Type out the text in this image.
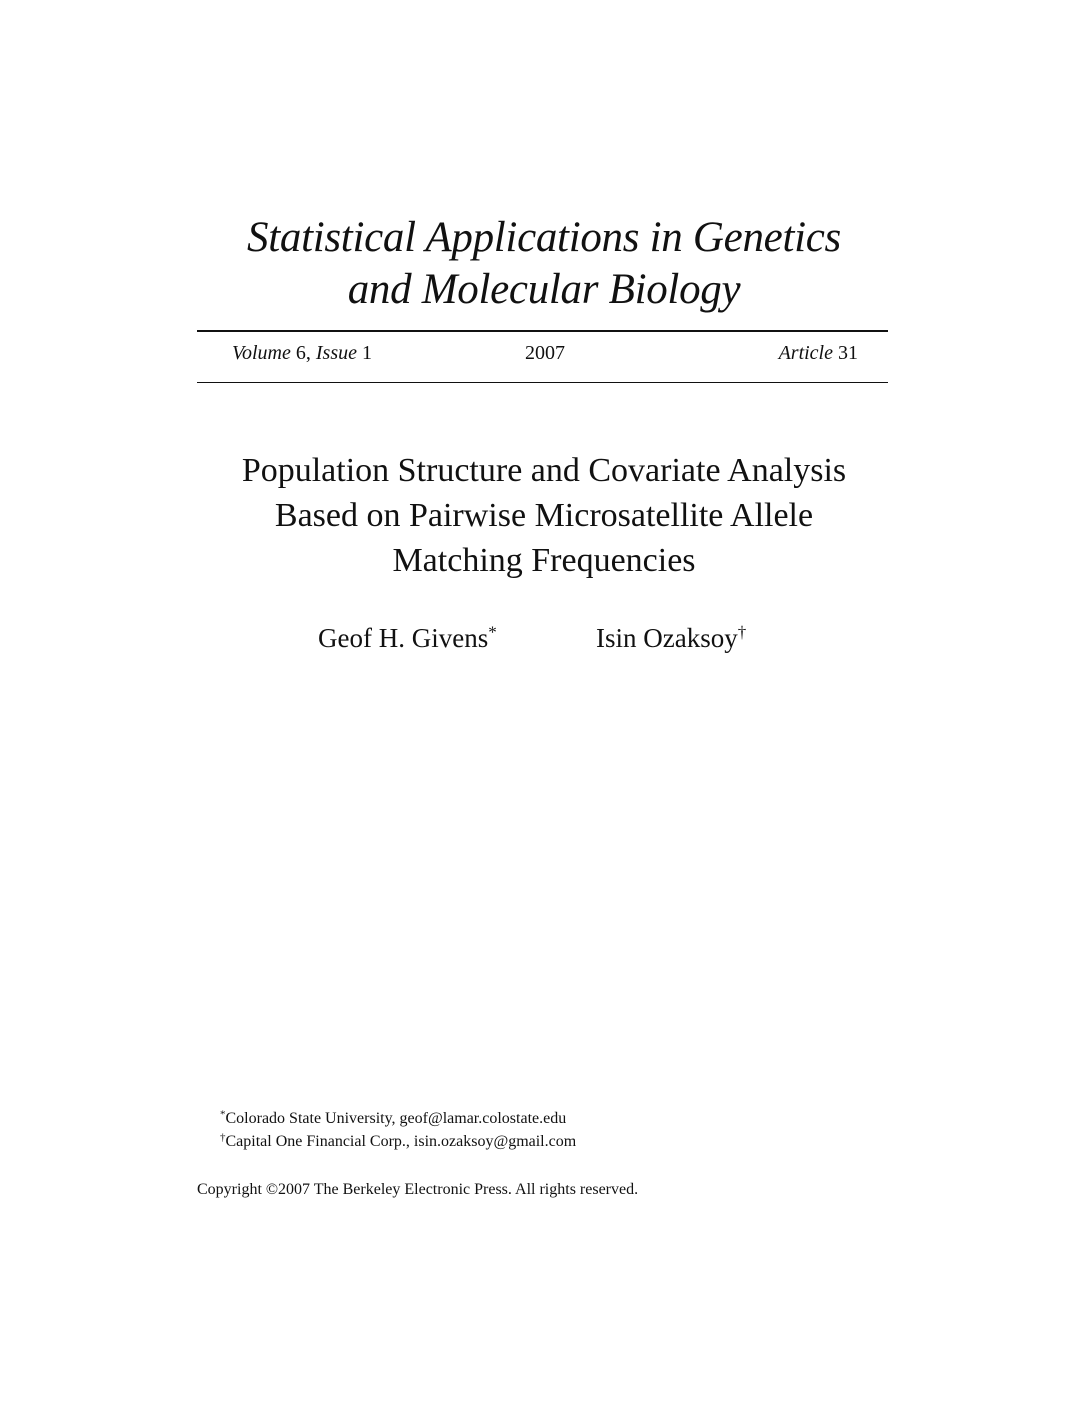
Statistical Applications in Genetics
and Molecular Biology
Volume 6, Issue 1	2007	Article 31
Population Structure and Covariate Analysis
Based on Pairwise Microsatellite Allele
Matching Frequencies
Geof H. Givens*	Isin Ozaksoy†
*Colorado State University, geof@lamar.colostate.edu
†Capital One Financial Corp., isin.ozaksoy@gmail.com
Copyright ©2007 The Berkeley Electronic Press. All rights reserved.
